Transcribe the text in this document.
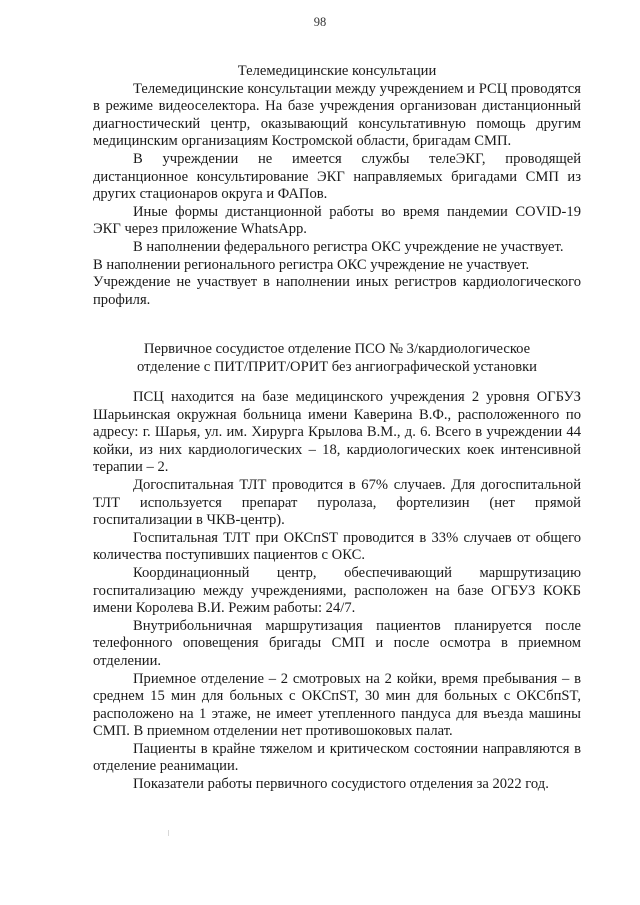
98
Телемедицинские консультации

Телемедицинские консультации между учреждением и РСЦ проводятся в режиме видеоселектора. На базе учреждения организован дистанционный диагностический центр, оказывающий консультативную помощь другим медицинским организациям Костромской области, бригадам СМП.

В учреждении не имеется службы телеЭКГ, проводящей дистанционное консультирование ЭКГ направляемых бригадами СМП из других стационаров округа и ФАПов.

Иные формы дистанционной работы во время пандемии COVID-19 ЭКГ через приложение WhatsApp.

В наполнении федерального регистра ОКС учреждение не участвует.

В наполнении регионального регистра ОКС учреждение не участвует.

Учреждение не участвует в наполнении иных регистров кардиологического профиля.

Первичное сосудистое отделение ПСО № 3/кардиологическое
отделение с ПИТ/ПРИТ/ОРИТ без ангиографической установки

ПСЦ находится на базе медицинского учреждения 2 уровня ОГБУЗ Шарьинская окружная больница имени Каверина В.Ф., расположенного по адресу: г. Шарья, ул. им. Хирурга Крылова В.М., д. 6. Всего в учреждении 44 койки, из них кардиологических – 18, кардиологических коек интенсивной терапии – 2.

Догоспитальная ТЛТ проводится в 67% случаев. Для догоспитальной ТЛТ используется препарат пуролаза, фортелизин (нет прямой госпитализации в ЧКВ-центр).

Госпитальная ТЛТ при ОКСпST проводится в 33% случаев от общего количества поступивших пациентов с ОКС.

Координационный центр, обеспечивающий маршрутизацию госпитализацию между учреждениями, расположен на базе ОГБУЗ КОКБ имени Королева В.И. Режим работы: 24/7.

Внутрибольничная маршрутизация пациентов планируется после телефонного оповещения бригады СМП и после осмотра в приемном отделении.

Приемное отделение – 2 смотровых на 2 койки, время пребывания – в среднем 15 мин для больных с ОКСпST, 30 мин для больных с ОКСбпST, расположено на 1 этаже, не имеет утепленного пандуса для въезда машины СМП. В приемном отделении нет противошоковых палат.

Пациенты в крайне тяжелом и критическом состоянии направляются в отделение реанимации.

Показатели работы первичного сосудистого отделения за 2022 год.
